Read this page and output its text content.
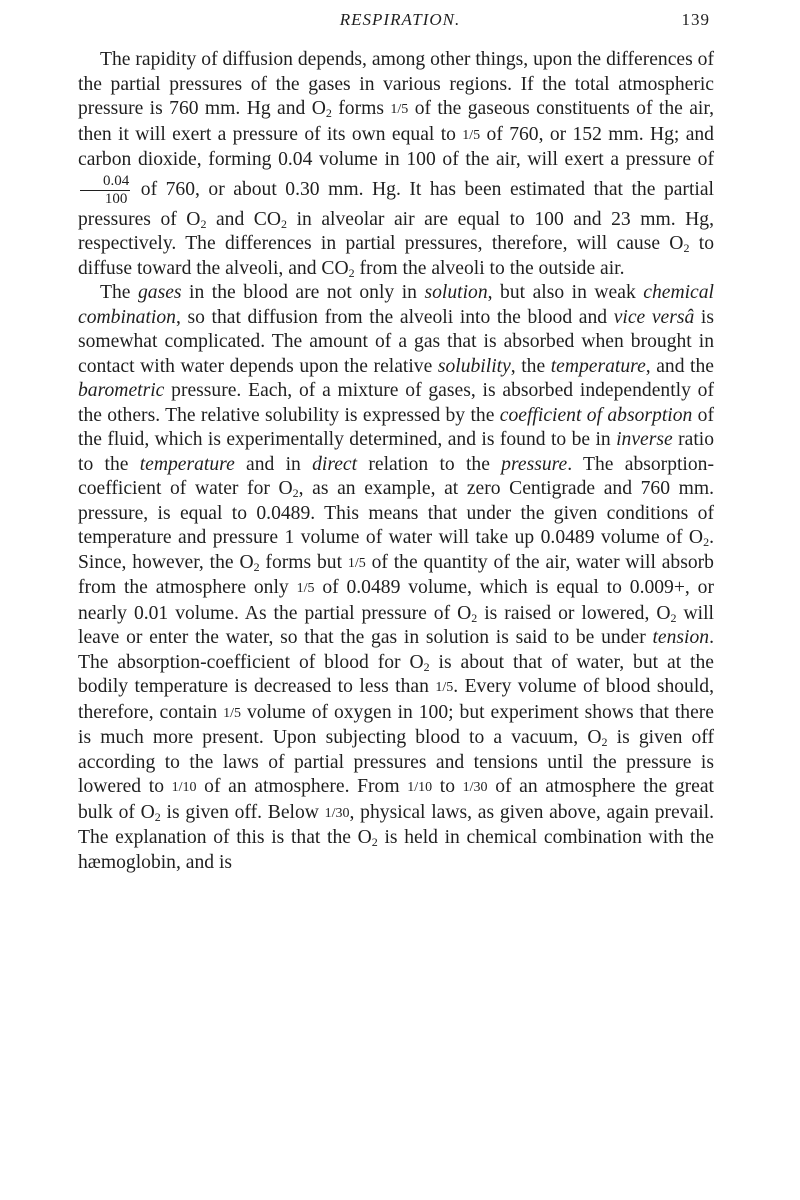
RESPIRATION.	139

The rapidity of diffusion depends, among other things, upon the differences of the partial pressures of the gases in various regions. If the total atmospheric pressure is 760 mm. Hg and $O_2$ forms 1/5 of the gaseous constituents of the air, then it will exert a pressure of its own equal to 1/5 of 760, or 152 mm. Hg; and carbon dioxide, forming 0.04 volume in 100 of the air, will exert a pressure of
$\frac{0.04}{100}$ of 760, or about 0.30 mm. Hg. It has been estimated that the partial pressures of $O_2$ and $CO_2$ in alveolar air are equal to 100 and 23 mm. Hg, respectively. The differences in partial pressures, therefore, will cause $O_2$ to diffuse toward the alveoli, and $CO_2$ from the alveoli to the outside air.

The gases in the blood are not only in solution, but also in weak chemical combination, so that diffusion from the alveoli into the blood and vice versâ is somewhat complicated. The amount of a gas that is absorbed when brought in contact with water depends upon the relative solubility, the temperature, and the barometric pressure. Each, of a mixture of gases, is absorbed independently of the others. The relative solubility is expressed by the coefficient of absorption of the fluid, which is experimentally determined, and is found to be in inverse ratio to the temperature and in direct relation to the pressure. The absorption-coefficient of water for $O_2$, as an example, at zero Centigrade and 760 mm. pressure, is equal to 0.0489. This means that under the given conditions of temperature and pressure 1 volume of water will take up 0.0489 volume of $O_2$. Since, however, the $O_2$ forms but 1/5 of the quantity of the air, water will absorb from the atmosphere only 1/5 of 0.0489 volume, which is equal to 0.009+, or nearly 0.01 volume. As the partial pressure of $O_2$ is raised or lowered, $O_2$ will leave or enter the water, so that the gas in solution is said to be under tension. The absorption-coefficient of blood for $O_2$ is about that of water, but at the bodily temperature is decreased to less than 1/5. Every volume of blood should, therefore, contain 1/5 volume of oxygen in 100; but experiment shows that there is much more present. Upon subjecting blood to a vacuum, $O_2$ is given off according to the laws of partial pressures and tensions until the pressure is lowered to 1/10 of an atmosphere. From 1/10 to 1/30 of an atmosphere the great bulk of $O_2$ is given off. Below 1/30, physical laws, as given above, again prevail. The explanation of this is that the $O_2$ is held in chemical combination with the hæmoglobin, and is
